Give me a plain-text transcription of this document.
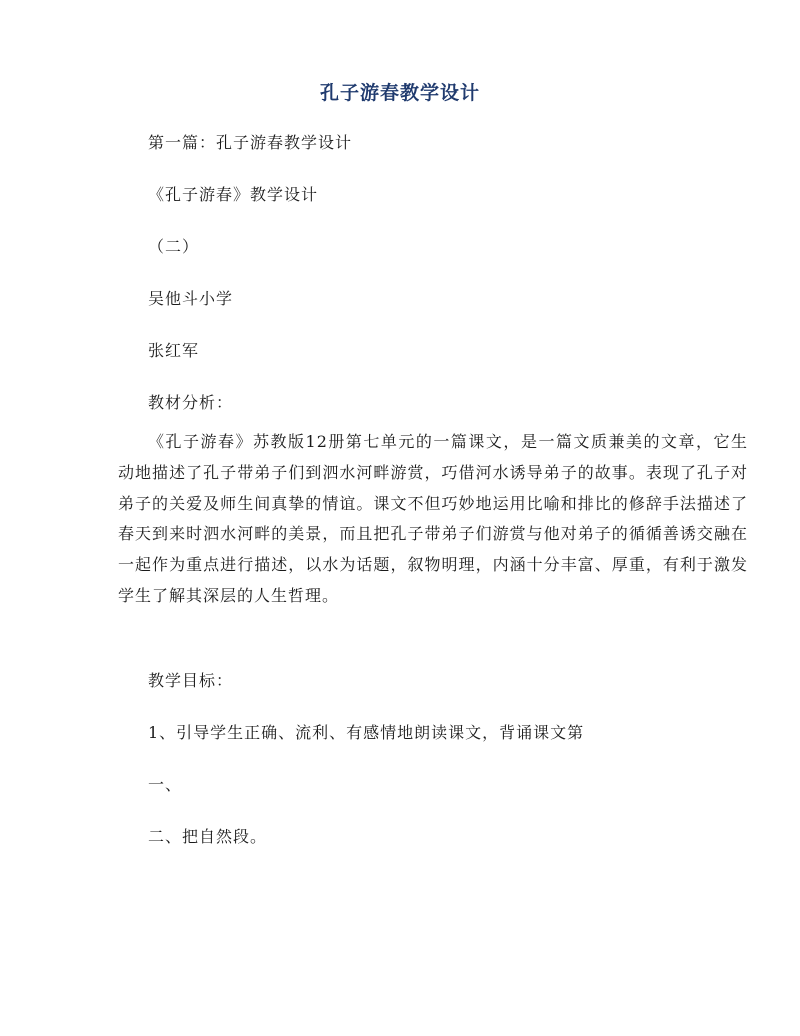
孔子游春教学设计
第一篇：孔子游春教学设计
《孔子游春》教学设计
（二）
吴他斗小学
张红军
教材分析：
《孔子游春》苏教版12册第七单元的一篇课文，是一篇文质兼美的文章，它生动地描述了孔子带弟子们到泗水河畔游赏，巧借河水诱导弟子的故事。表现了孔子对弟子的关爱及师生间真挚的情谊。课文不但巧妙地运用比喻和排比的修辞手法描述了春天到来时泗水河畔的美景，而且把孔子带弟子们游赏与他对弟子的循循善诱交融在一起作为重点进行描述，以水为话题，叙物明理，内涵十分丰富、厚重，有利于激发学生了解其深层的人生哲理。
教学目标：
1、引导学生正确、流利、有感情地朗读课文，背诵课文第
一、
二、把自然段。
